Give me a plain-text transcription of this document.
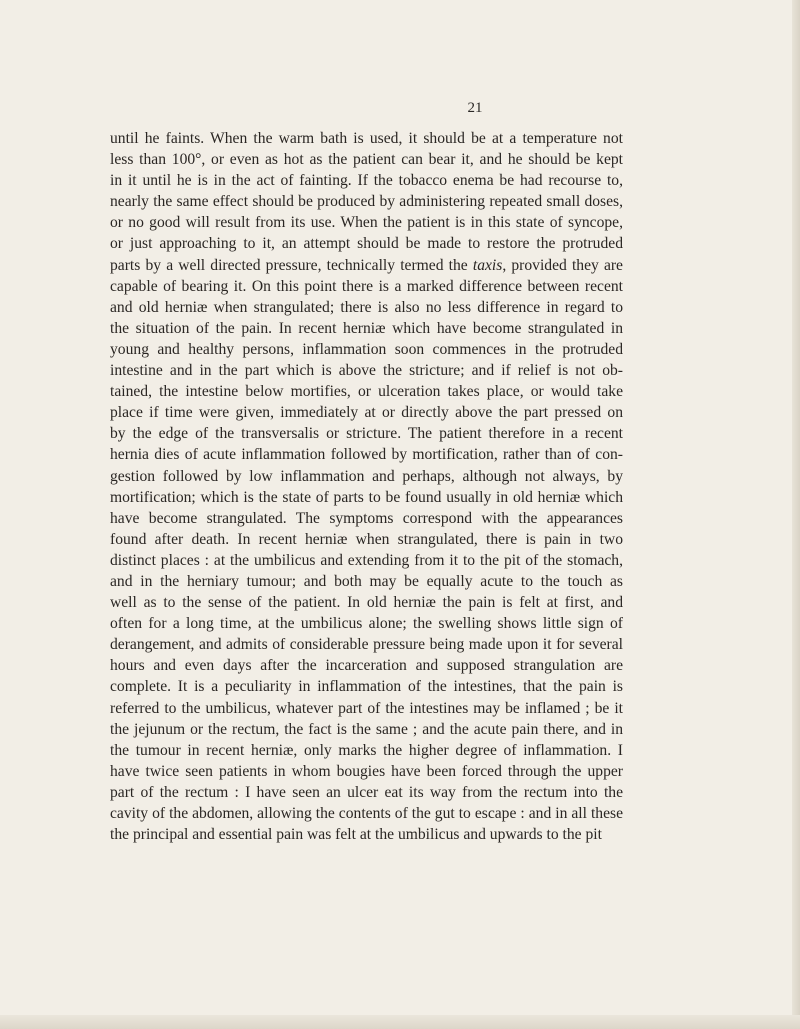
21
until he faints. When the warm bath is used, it should be at a temperature not
less than 100°, or even as hot as the patient can bear it, and he should be kept
in it until he is in the act of fainting. If the tobacco enema be had recourse to,
nearly the same effect should be produced by administering repeated small doses,
or no good will result from its use. When the patient is in this state of syncope,
or just approaching to it, an attempt should be made to restore the protruded
parts by a well directed pressure, technically termed the taxis, provided they are
capable of bearing it. On this point there is a marked difference between recent
and old herniæ when strangulated; there is also no less difference in regard to
the situation of the pain. In recent herniæ which have become strangulated in
young and healthy persons, inflammation soon commences in the protruded
intestine and in the part which is above the stricture; and if relief is not ob-
tained, the intestine below mortifies, or ulceration takes place, or would take
place if time were given, immediately at or directly above the part pressed on
by the edge of the transversalis or stricture. The patient therefore in a recent
hernia dies of acute inflammation followed by mortification, rather than of con-
gestion followed by low inflammation and perhaps, although not always, by
mortification; which is the state of parts to be found usually in old herniæ which
have become strangulated. The symptoms correspond with the appearances
found after death. In recent herniæ when strangulated, there is pain in two
distinct places : at the umbilicus and extending from it to the pit of the stomach,
and in the herniary tumour; and both may be equally acute to the touch as
well as to the sense of the patient. In old herniæ the pain is felt at first, and
often for a long time, at the umbilicus alone; the swelling shows little sign of
derangement, and admits of considerable pressure being made upon it for several
hours and even days after the incarceration and supposed strangulation are
complete. It is a peculiarity in inflammation of the intestines, that the pain is
referred to the umbilicus, whatever part of the intestines may be inflamed ; be it
the jejunum or the rectum, the fact is the same ; and the acute pain there, and in
the tumour in recent herniæ, only marks the higher degree of inflammation. I
have twice seen patients in whom bougies have been forced through the upper
part of the rectum : I have seen an ulcer eat its way from the rectum into the
cavity of the abdomen, allowing the contents of the gut to escape : and in all these
the principal and essential pain was felt at the umbilicus and upwards to the pit
